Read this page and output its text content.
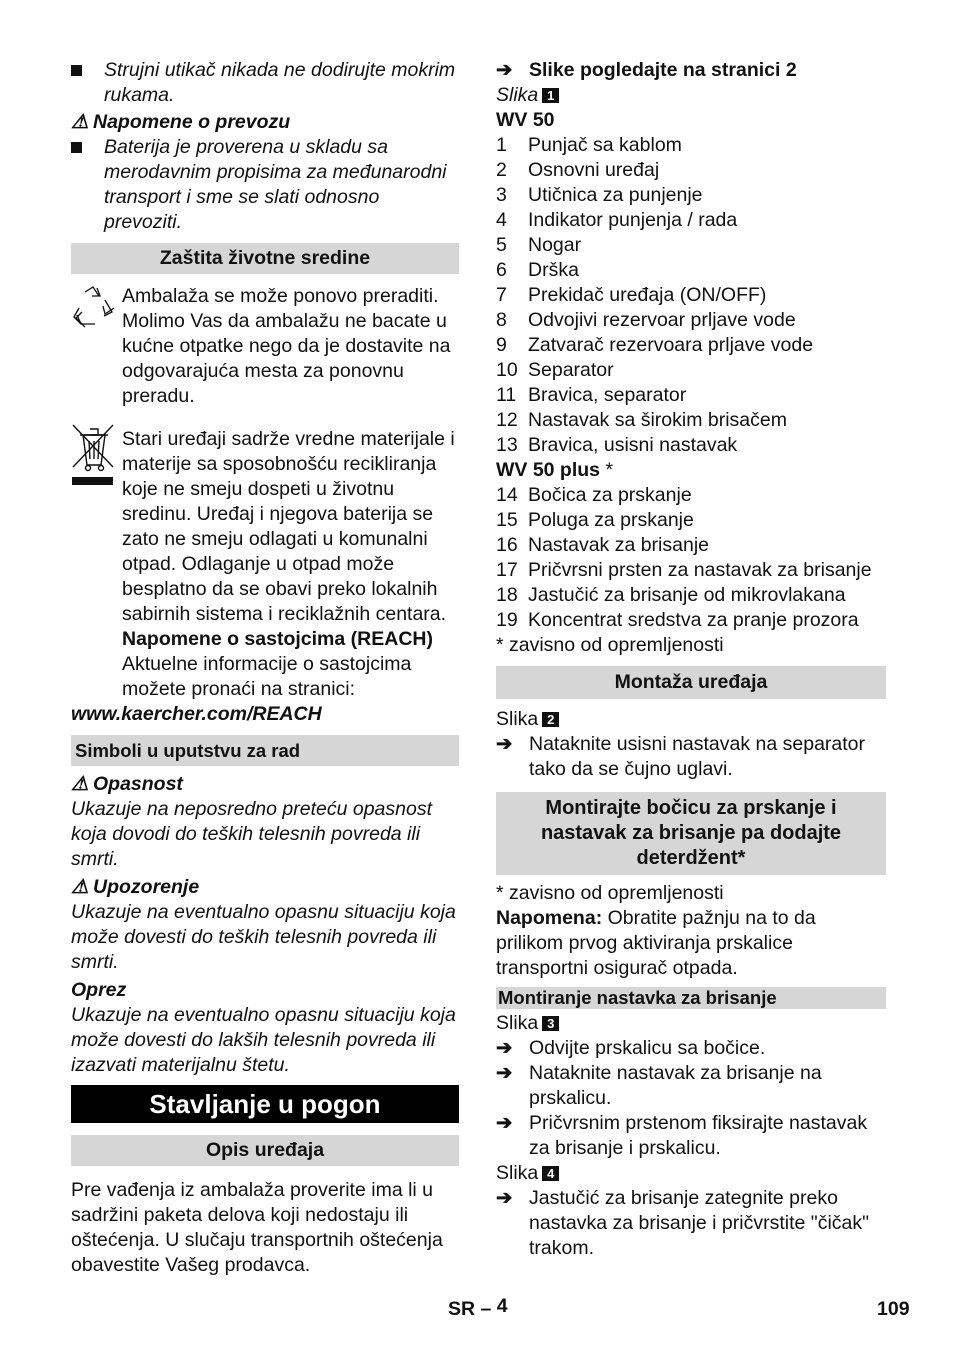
Strujni utikač nikada ne dodirujte mokrim rukama.

⚠ Napomene o prevozu

Baterija je proverena u skladu sa merodavnim propisima za međunarodni transport i sme se slati odnosno prevoziti.

Zaštita životne sredine

Ambalaža se može ponovo preraditi. Molimo Vas da ambalažu ne bacate u kućne otpatke nego da je dostavite na odgovarajuća mesta za ponovnu preradu.

Stari uređaji sadrže vredne materijale i materije sa sposobnošću recikliranja koje ne smeju dospeti u životnu sredinu. Uređaj i njegova baterija se zato ne smeju odlagati u komunalni otpad. Odlaganje u otpad može besplatno da se obavi preko lokalnih sabirnih sistema i reciklažnih centara.

Napomene o sastojcima (REACH)

Aktuelne informacije o sastojcima možete pronaći na stranici:

www.kaercher.com/REACH

Simboli u uputstvu za rad

⚠ Opasnost

Ukazuje na neposredno preteću opasnost koja dovodi do teških telesnih povreda ili smrti.

⚠ Upozorenje

Ukazuje na eventualno opasnu situaciju koja može dovesti do teških telesnih povreda ili smrti.

Oprez

Ukazuje na eventualno opasnu situaciju koja može dovesti do lakših telesnih povreda ili izazvati materijalnu štetu.

Stavljanje u pogon
Opis uređaja

Pre vađenja iz ambalaža proverite ima li u sadržini paketa delova koji nedostaju ili oštećenja. U slučaju transportnih oštećenja obavestite Vašeg prodavca.

➔ Slike pogledajte na stranici 2

Slika 1

WV 50

1 Punjač sa kablom

2 Osnovni uređaj

3 Utičnica za punjenje

4 Indikator punjenja / rada

5 Nogar

6 Drška

7 Prekidač uređaja (ON/OFF)

8 Odvojivi rezervoar prljave vode

9 Zatvarač rezervoara prljave vode

10 Separator

11 Bravica, separator

12 Nastavak sa širokim brisačem

13 Bravica, usisni nastavak

WV 50 plus *

14 Bočica za prskanje

15 Poluga za prskanje

16 Nastavak za brisanje

17 Pričvrsni prsten za nastavak za brisanje

18 Jastučić za brisanje od mikrovlakana

19 Koncentrat sredstva za pranje prozora

* zavisno od opremljenosti

Montaža uređaja

Slika 2

➔ Nataknite usisni nastavak na separator tako da se čujno uglavi.

Montirajte bočicu za prskanje i nastavak za brisanje pa dodajte deterdžent*

* zavisno od opremljenosti

Napomena: Obratite pažnju na to da prilikom prvog aktiviranja prskalice transportni osigurač otpada.

Montiranje nastavka za brisanje

Slika 3

➔ Odvijte prskalicu sa bočice.

➔ Nataknite nastavak za brisanje na prskalicu.

➔ Pričvrsnim prstenom fiksirajte nastavak za brisanje i prskalicu.

Slika 4

➔ Jastučić za brisanje zategnite preko nastavka za brisanje i pričvrstite "čičak" trakom.

SR – 4	109
